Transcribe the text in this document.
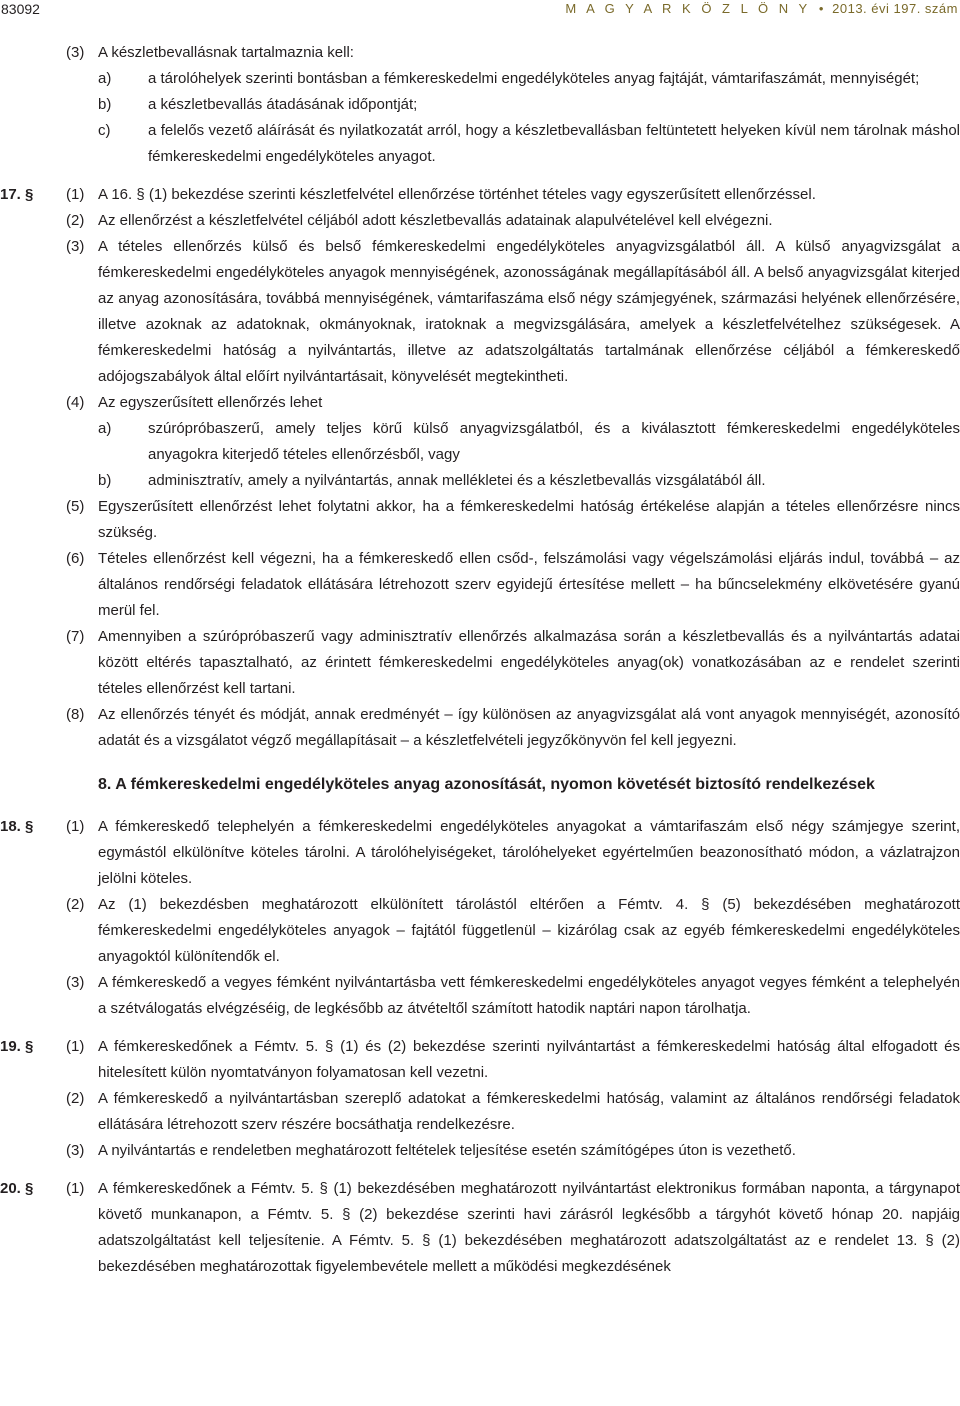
83092	M A G Y A R K Ö Z L Ö N Y  •  2013. évi 197. szám
(3) A készletbevallásnak tartalmaznia kell:
a) a tárolóhelyek szerinti bontásban a fémkereskedelmi engedélyköteles anyag fajtáját, vámtarifaszámát, mennyiségét;
b) a készletbevallás átadásának időpontját;
c)	a felelős vezető aláírását és nyilatkozatát arról, hogy a készletbevallásban feltüntetett helyeken kívül nem tárolnak máshol fémkereskedelmi engedélyköteles anyagot.
17. § (1) A 16. § (1) bekezdése szerinti készletfelvétel ellenőrzése történhet tételes vagy egyszerűsített ellenőrzéssel.
(2) Az ellenőrzést a készletfelvétel céljából adott készletbevallás adatainak alapulvételével kell elvégezni.
(3) A tételes ellenőrzés külső és belső fémkereskedelmi engedélyköteles anyagvizsgálatból áll. A külső anyagvizsgálat a fémkereskedelmi engedélyköteles anyagok mennyiségének, azonosságának megállapításából áll. A belső anyagvizsgálat kiterjed az anyag azonosítására, továbbá mennyiségének, vámtarifaszáma első négy számjegyének, származási helyének ellenőrzésére, illetve azoknak az adatoknak, okmányoknak, iratoknak a megvizsgálására, amelyek a készletfelvételhez szükségesek. A fémkereskedelmi hatóság a nyilvántartás, illetve az adatszolgáltatás tartalmának ellenőrzése céljából a fémkereskedő adójogszabályok által előírt nyilvántartásait, könyvelését megtekintheti.
(4) Az egyszerűsített ellenőrzés lehet
a) szúrópróbaszerű, amely teljes körű külső anyagvizsgálatból, és a kiválasztott fémkereskedelmi engedélyköteles anyagokra kiterjedő tételes ellenőrzésből, vagy
b) adminisztratív, amely a nyilvántartás, annak mellékletei és a készletbevallás vizsgálatából áll.
(5) Egyszerűsített ellenőrzést lehet folytatni akkor, ha a fémkereskedelmi hatóság értékelése alapján a tételes ellenőrzésre nincs szükség.
(6) Tételes ellenőrzést kell végezni, ha a fémkereskedő ellen csőd-, felszámolási vagy végelszámolási eljárás indul, továbbá – az általános rendőrségi feladatok ellátására létrehozott szerv egyidejű értesítése mellett – ha bűncselekmény elkövetésére gyanú merül fel.
(7) Amennyiben a szúrópróbaszerű vagy adminisztratív ellenőrzés alkalmazása során a készletbevallás és a nyilvántartás adatai között eltérés tapasztalható, az érintett fémkereskedelmi engedélyköteles anyag(ok) vonatkozásában az e rendelet szerinti tételes ellenőrzést kell tartani.
(8) Az ellenőrzés tényét és módját, annak eredményét – így különösen az anyagvizsgálat alá vont anyagok mennyiségét, azonosító adatát és a vizsgálatot végző megállapításait – a készletfelvételi jegyzőkönyvön fel kell jegyezni.
8. A fémkereskedelmi engedélyköteles anyag azonosítását, nyomon követését biztosító rendelkezések
18. § (1) A fémkereskedő telephelyén a fémkereskedelmi engedélyköteles anyagokat a vámtarifaszám első négy számjegye szerint, egymástól elkülönítve köteles tárolni. A tárolóhelyiségeket, tárolóhelyeket egyértelműen beazonosítható módon, a vázlatrajzon jelölni köteles.
(2) Az (1) bekezdésben meghatározott elkülönített tárolástól eltérően a Fémtv. 4. § (5) bekezdésében meghatározott fémkereskedelmi engedélyköteles anyagok – fajtától függetlenül – kizárólag csak az egyéb fémkereskedelmi engedélyköteles anyagoktól különítendők el.
(3) A fémkereskedő a vegyes fémként nyilvántartásba vett fémkereskedelmi engedélyköteles anyagot vegyes fémként a telephelyén a szétválogatás elvégzéséig, de legkésőbb az átvételtől számított hatodik naptári napon tárolhatja.
19. § (1) A fémkereskedőnek a Fémtv. 5. § (1) és (2) bekezdése szerinti nyilvántartást a fémkereskedelmi hatóság által elfogadott és hitelesített külön nyomtatványon folyamatosan kell vezetni.
(2) A fémkereskedő a nyilvántartásban szereplő adatokat a fémkereskedelmi hatóság, valamint az általános rendőrségi feladatok ellátására létrehozott szerv részére bocsáthatja rendelkezésre.
(3) A nyilvántartás e rendeletben meghatározott feltételek teljesítése esetén számítógépes úton is vezethető.
20. § (1) A fémkereskedőnek a Fémtv. 5. § (1) bekezdésében meghatározott nyilvántartást elektronikus formában naponta, a tárgynapot követő munkanapon, a Fémtv. 5. § (2) bekezdése szerinti havi zárásról legkésőbb a tárgyhót követő hónap 20. napjáig adatszolgáltatást kell teljesítenie. A Fémtv. 5. § (1) bekezdésében meghatározott adatszolgáltatást az e rendelet 13. § (2) bekezdésében meghatározottak figyelembevétele mellett a működési megkezdésének
